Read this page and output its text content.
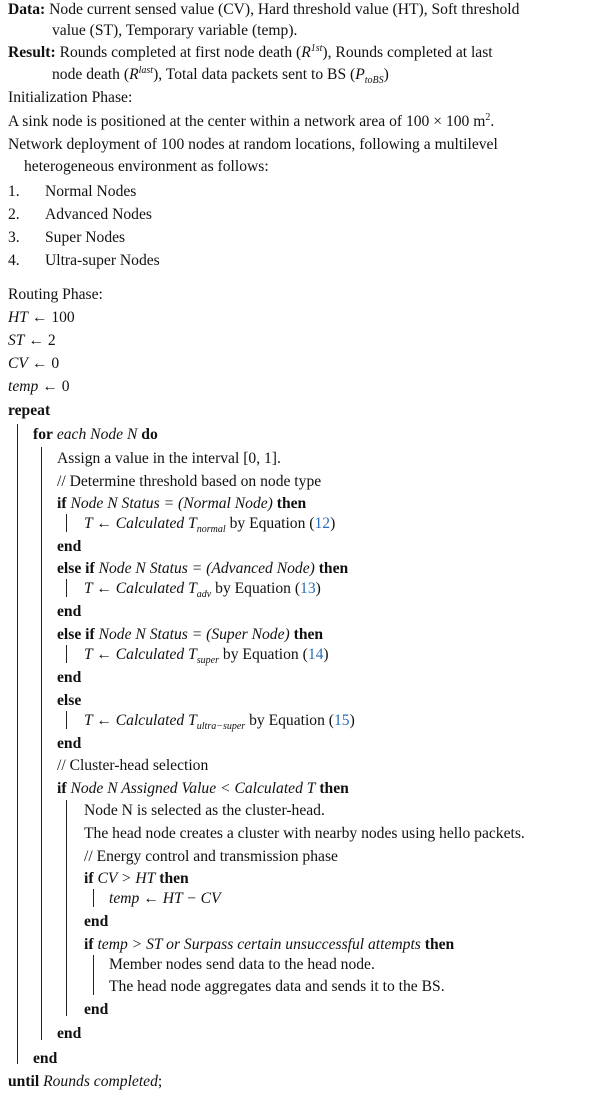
Data: Node current sensed value (CV), Hard threshold value (HT), Soft threshold
value (ST), Temporary variable (temp).
Result: Rounds completed at first node death $(R^{1st})$, Rounds completed at last
node death $(R^{last})$, Total data packets sent to BS $(P_{toBS})$
Initialization Phase:
A sink node is positioned at the center within a network area of 100 × 100 $m^2$.
Network deployment of 100 nodes at random locations, following a multilevel
heterogeneous environment as follows:
1. Normal Nodes
2. Advanced Nodes
3. Super Nodes
4. Ultra-super Nodes
Routing Phase:
HT ← 100
ST ← 2
CV ← 0
temp ← 0
repeat
for each Node N do
Assign a value in the interval [0, 1].
// Determine threshold based on node type
if Node N Status = (Normal Node) then
T ← Calculated $T_{normal}$ by Equation (12)
end
else if Node N Status = (Advanced Node) then
T ← Calculated $T_{adv}$ by Equation (13)
end
else if Node N Status = (Super Node) then
T ← Calculated $T_{super}$ by Equation (14)
end
else
T ← Calculated $T_{ultra-super}$ by Equation (15)
end
// Cluster-head selection
if Node N Assigned Value < Calculated T then
Node N is selected as the cluster-head.
The head node creates a cluster with nearby nodes using hello packets.
// Energy control and transmission phase
if CV > HT then
temp ← HT − CV
end
if temp > ST or Surpass certain unsuccessful attempts then
Member nodes send data to the head node.
The head node aggregates data and sends it to the BS.
end
end
end
until Rounds completed;
